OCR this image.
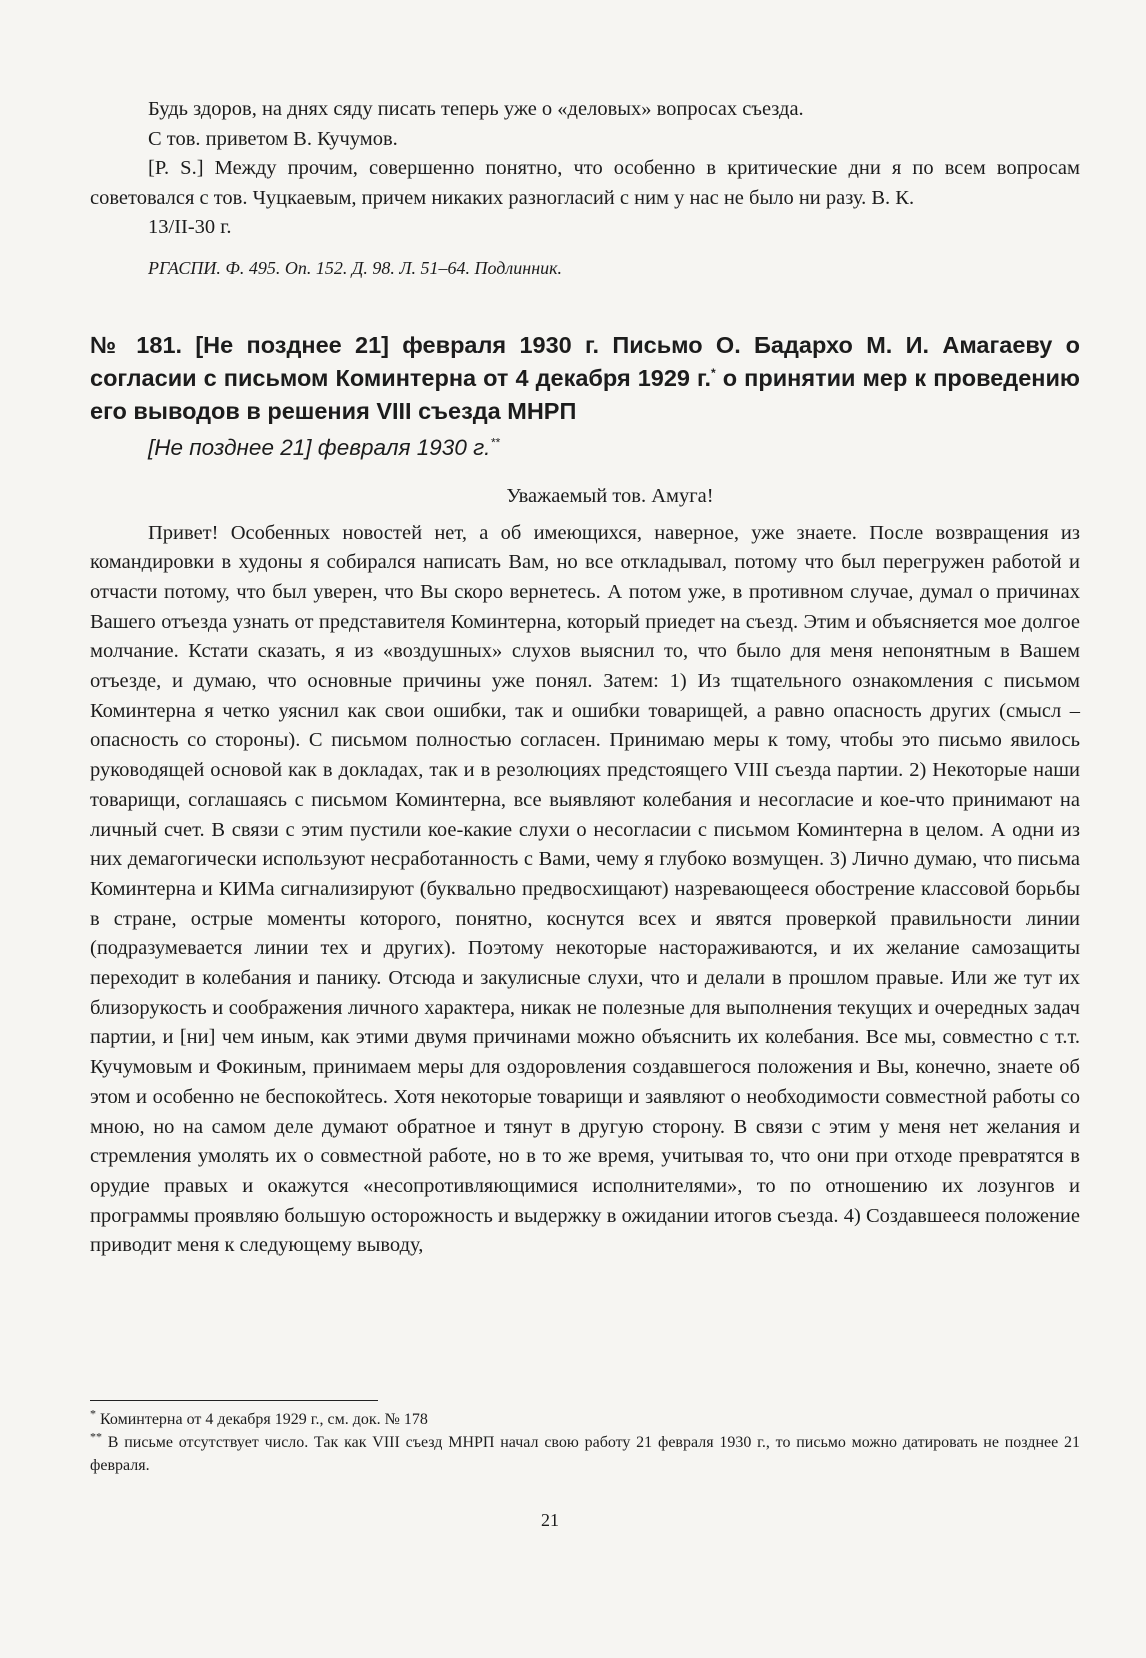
Будь здоров, на днях сяду писать теперь уже о «деловых» вопросах съезда.

С тов. приветом В. Кучумов.

[P. S.] Между прочим, совершенно понятно, что особенно в критические дни я по всем вопросам советовался с тов. Чуцкаевым, причем никаких разногласий с ним у нас не было ни разу. В. К.

13/II-30 г.

РГАСПИ. Ф. 495. Оп. 152. Д. 98. Л. 51–64. Подлинник.

№ 181. [Не позднее 21] февраля 1930 г. Письмо О. Бадархо М. И. Амагаеву о согласии с письмом Коминтерна от 4 декабря 1929 г.* о принятии мер к проведению его выводов в решения VIII съезда МНРП
[Не позднее 21] февраля 1930 г.**
Уважаемый тов. Амуга!
Привет! Особенных новостей нет, а об имеющихся, наверное, уже знаете. После возвращения из командировки в худоны я собирался написать Вам, но все откладывал, потому что был перегружен работой и отчасти потому, что был уверен, что Вы скоро вернетесь. А потом уже, в противном случае, думал о причинах Вашего отъезда узнать от представителя Коминтерна, который приедет на съезд. Этим и объясняется мое долгое молчание. Кстати сказать, я из «воздушных» слухов выяснил то, что было для меня непонятным в Вашем отъезде, и думаю, что основные причины уже понял. Затем: 1) Из тщательного ознакомления с письмом Коминтерна я четко уяснил как свои ошибки, так и ошибки товарищей, а равно опасность других (смысл – опасность со стороны). С письмом полностью согласен. Принимаю меры к тому, чтобы это письмо явилось руководящей основой как в докладах, так и в резолюциях предстоящего VIII съезда партии. 2) Некоторые наши товарищи, соглашаясь с письмом Коминтерна, все выявляют колебания и несогласие и кое-что принимают на личный счет. В связи с этим пустили кое-какие слухи о несогласии с письмом Коминтерна в целом. А одни из них демагогически используют несработанность с Вами, чему я глубоко возмущен. 3) Лично думаю, что письма Коминтерна и КИМа сигнализируют (буквально предвосхищают) назревающееся обострение классовой борьбы в стране, острые моменты которого, понятно, коснутся всех и явятся проверкой правильности линии (подразумевается линии тех и других). Поэтому некоторые настораживаются, и их желание самозащиты переходит в колебания и панику. Отсюда и закулисные слухи, что и делали в прошлом правые. Или же тут их близорукость и соображения личного характера, никак не полезные для выполнения текущих и очередных задач партии, и [ни] чем иным, как этими двумя причинами можно объяснить их колебания. Все мы, совместно с т.т. Кучумовым и Фокиным, принимаем меры для оздоровления создавшегося положения и Вы, конечно, знаете об этом и особенно не беспокойтесь. Хотя некоторые товарищи и заявляют о необходимости совместной работы со мною, но на самом деле думают обратное и тянут в другую сторону. В связи с этим у меня нет желания и стремления умолять их о совместной работе, но в то же время, учитывая то, что они при отходе превратятся в орудие правых и окажутся «несопротивляющимися исполнителями», то по отношению их лозунгов и программы проявляю большую осторожность и выдержку в ожидании итогов съезда. 4) Создавшееся положение приводит меня к следующему выводу,

* Коминтерна от 4 декабря 1929 г., см. док. № 178

** В письме отсутствует число. Так как VIII съезд МНРП начал свою работу 21 февраля 1930 г., то письмо можно датировать не позднее 21 февраля.

21
